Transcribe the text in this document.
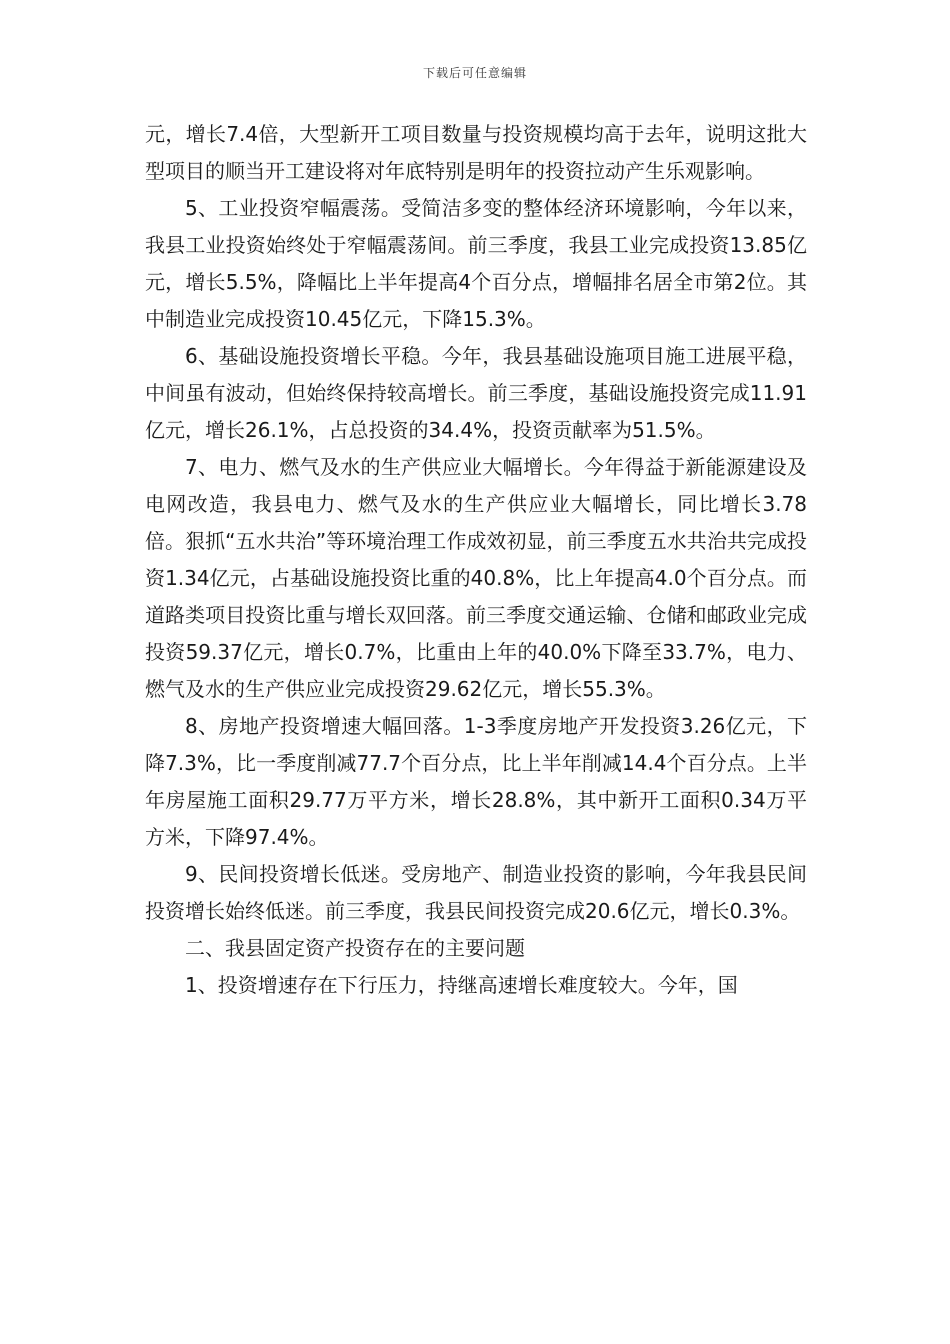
下载后可任意编辑

元，增长7.4倍，大型新开工项目数量与投资规模均高于去年，说明这批大型项目的顺当开工建设将对年底特别是明年的投资拉动产生乐观影响。

5、工业投资窄幅震荡。受简洁多变的整体经济环境影响，今年以来，我县工业投资始终处于窄幅震荡间。前三季度，我县工业完成投资13.85亿元，增长5.5%，降幅比上半年提高4个百分点，增幅排名居全市第2位。其中制造业完成投资10.45亿元，下降15.3%。

6、基础设施投资增长平稳。今年，我县基础设施项目施工进展平稳，中间虽有波动，但始终保持较高增长。前三季度，基础设施投资完成11.91亿元，增长26.1%，占总投资的34.4%，投资贡献率为51.5%。

7、电力、燃气及水的生产供应业大幅增长。今年得益于新能源建设及电网改造，我县电力、燃气及水的生产供应业大幅增长，同比增长3.78倍。狠抓“五水共治”等环境治理工作成效初显，前三季度五水共治共完成投资1.34亿元，占基础设施投资比重的40.8%，比上年提高4.0个百分点。而道路类项目投资比重与增长双回落。前三季度交通运输、仓储和邮政业完成投资59.37亿元，增长0.7%，比重由上年的40.0%下降至33.7%，电力、燃气及水的生产供应业完成投资29.62亿元，增长55.3%。

8、房地产投资增速大幅回落。1-3季度房地产开发投资3.26亿元，下降7.3%，比一季度削减77.7个百分点，比上半年削减14.4个百分点。上半年房屋施工面积29.77万平方米，增长28.8%，其中新开工面积0.34万平方米，下降97.4%。

9、民间投资增长低迷。受房地产、制造业投资的影响，今年我县民间投资增长始终低迷。前三季度，我县民间投资完成20.6亿元，增长0.3%。

二、我县固定资产投资存在的主要问题

1、投资增速存在下行压力，持继高速增长难度较大。今年，国
